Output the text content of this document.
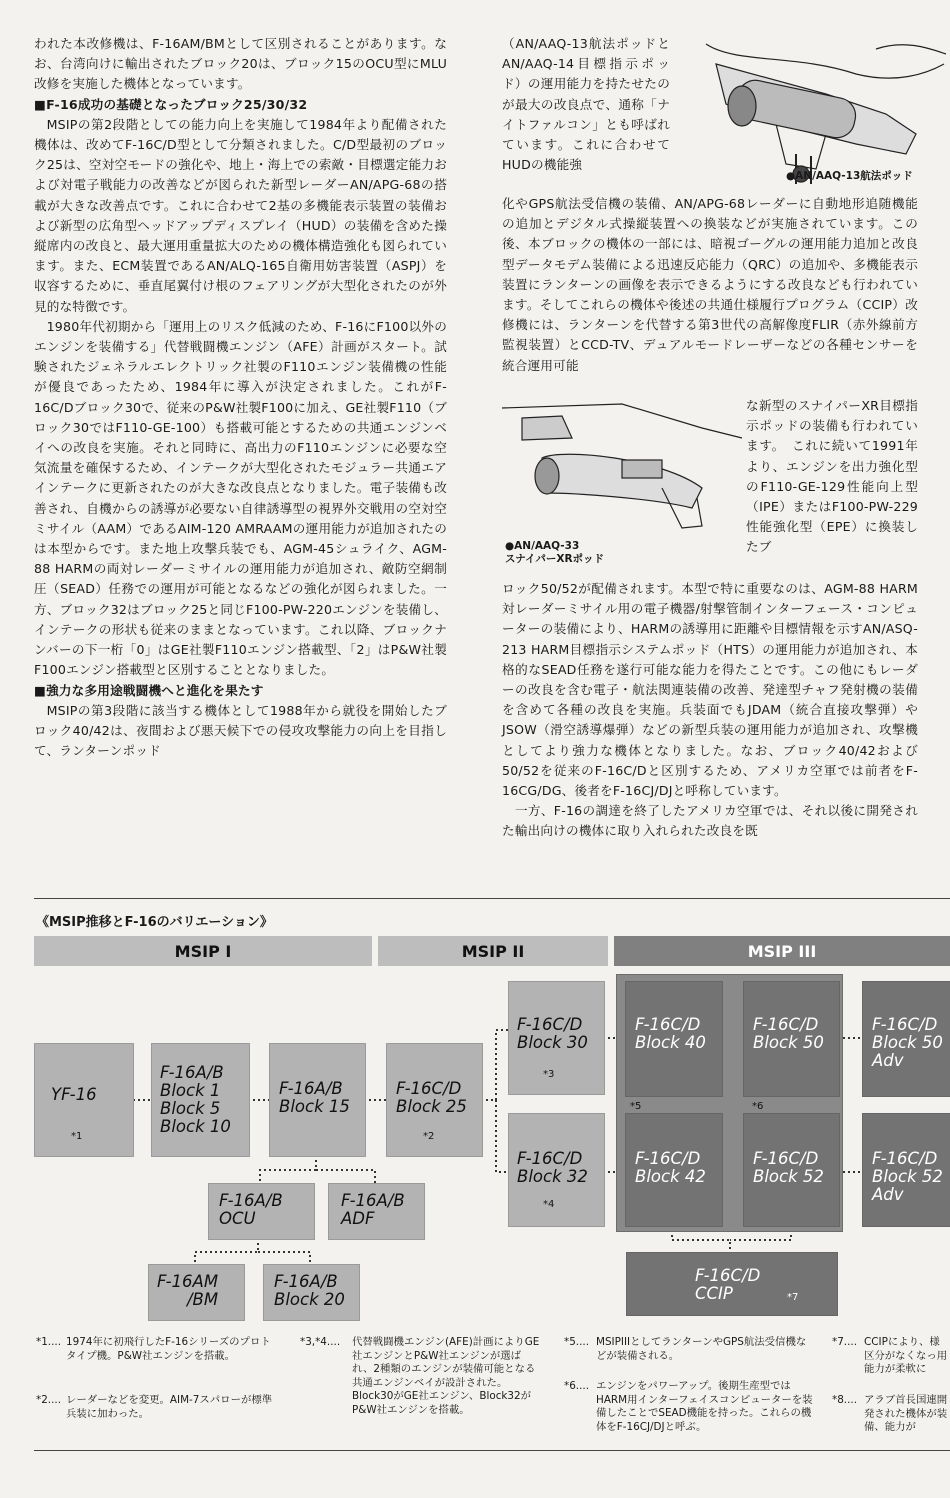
われた本改修機は、F-16AM/BMとして区別されることがあります。なお、台湾向けに輸出されたブロック20は、ブロック15のOCU型にMLU改修を実施した機体となっています。

■F-16成功の基礎となったブロック25/30/32

MSIPの第2段階としての能力向上を実施して1984年より配備された機体は、改めてF-16C/D型として分類されました。C/D型最初のブロック25は、空対空モードの強化や、地上・海上での索敵・目標選定能力および対電子戦能力の改善などが図られた新型レーダーAN/APG-68の搭載が大きな改善点です。これに合わせて2基の多機能表示装置の装備および新型の広角型ヘッドアップディスプレイ（HUD）の装備を含めた操縦席内の改良と、最大運用重量拡大のための機体構造強化も図られています。また、ECM装置であるAN/ALQ-165自衛用妨害装置（ASPJ）を収容するために、垂直尾翼付け根のフェアリングが大型化されたのが外見的な特徴です。

1980年代初期から「運用上のリスク低減のため、F-16にF100以外のエンジンを装備する」代替戦闘機エンジン（AFE）計画がスタート。試験されたジェネラルエレクトリック社製のF110エンジン装備機の性能が優良であったため、1984年に導入が決定されました。これがF-16C/Dブロック30で、従来のP&W社製F100に加え、GE社製F110（ブロック30ではF110-GE-100）も搭載可能とするための共通エンジンベイへの改良を実施。それと同時に、高出力のF110エンジンに必要な空気流量を確保するため、インテークが大型化されたモジュラー共通エアインテークに更新されたのが大きな改良点となりました。電子装備も改善され、自機からの誘導が必要ない自律誘導型の視界外交戦用の空対空ミサイル（AAM）であるAIM-120 AMRAAMの運用能力が追加されたのは本型からです。また地上攻撃兵装でも、AGM-45シュライク、AGM-88 HARMの両対レーダーミサイルの運用能力が追加され、敵防空網制圧（SEAD）任務での運用が可能となるなどの強化が図られました。一方、ブロック32はブロック25と同じF100-PW-220エンジンを装備し、インテークの形状も従来のままとなっています。これ以降、ブロックナンバーの下一桁「0」はGE社製F110エンジン搭載型、「2」はP&W社製F100エンジン搭載型と区別することとなりました。

■強力な多用途戦闘機へと進化を果たす

MSIPの第3段階に該当する機体として1988年から就役を開始したブロック40/42は、夜間および悪天候下での侵攻攻撃能力の向上を目指して、ランターンポッド

（AN/AAQ-13航法ポッドとAN/AAQ-14目標指示ポッド）の運用能力を持たせたのが最大の改良点で、通称「ナイトファルコン」とも呼ばれています。これに合わせてHUDの機能強

化やGPS航法受信機の装備、AN/APG-68レーダーに自動地形追随機能の追加とデジタル式操縦装置への換装などが実施されています。この後、本ブロックの機体の一部には、暗視ゴーグルの運用能力追加と改良型データモデム装備による迅速反応能力（QRC）の追加や、多機能表示装置にランターンの画像を表示できるようにする改良なども行われています。そしてこれらの機体や後述の共通仕様履行プログラム（CCIP）改修機には、ランターンを代替する第3世代の高解像度FLIR（赤外線前方監視装置）とCCD-TV、デュアルモードレーザーなどの各種センサーを統合運用可能

な新型のスナイパーXR目標指示ポッドの装備も行われています。　これに続いて1991年より、エンジンを出力強化型のF110-GE-129性能向上型（IPE）またはF100-PW-229性能強化型（EPE）に換装したブ

ロック50/52が配備されます。本型で特に重要なのは、AGM-88 HARM対レーダーミサイル用の電子機器/射撃管制インターフェース・コンピューターの装備により、HARMの誘導用に距離や目標情報を示すAN/ASQ-213 HARM目標指示システムポッド（HTS）の運用能力が追加され、本格的なSEAD任務を遂行可能な能力を得たことです。この他にもレーダーの改良を含む電子・航法関連装備の改善、発達型チャフ発射機の装備を含めて各種の改良を実施。兵装面でもJDAM（統合直接攻撃弾）やJSOW（滑空誘導爆弾）などの新型兵装の運用能力が追加され、攻撃機としてより強力な機体となりました。なお、ブロック40/42および50/52を従来のF-16C/Dと区別するため、アメリカ空軍では前者をF-16CG/DG、後者をF-16CJ/DJと呼称しています。

　一方、F-16の調達を終了したアメリカ空軍では、それ以後に開発された輸出向けの機体に取り入れられた改良を既

●AN/AAQ-13航法ポッド
●AN/AAQ-33
スナイパーXRポッド
《MSIP推移とF-16のバリエーション》
MSIP I	MSIP II	MSIP III
YF-16
*1
F-16A/B
Block 1
Block 5
Block 10
F-16A/B
Block 15
F-16C/D
Block 25
*2
F-16A/B
OCU
F-16A/B
ADF
F-16AM
/BM
F-16A/B
Block 20
F-16C/D
Block 30
*3
F-16C/D
Block 32
*4
F-16C/D
Block 40
*5
F-16C/D
Block 50
*6
F-16C/D
Block 42
F-16C/D
Block 52
F-16C/D
Block 50
Adv
F-16C/D
Block 52
Adv
F-16C/D
CCIP	*7
*1.... 1974年に初飛行したF-16シリーズのプロトタイプ機。P&W社エンジンを搭載。
*2.... レーダーなどを変更。AIM-7スパローが標準兵装に加わった。
*3,*4....	代替戦闘機エンジン(AFE)計画によりGE社エンジンとP&W社エンジンが選ばれ、2種類のエンジンが装備可能となる共通エンジンベイが設計された。Block30がGE社エンジン、Block32がP&W社エンジンを搭載。
*5.... MSIPIIIとしてランターンやGPS航法受信機などが装備される。
*6.... エンジンをパワーアップ。後期生産型ではHARM用インターフェイスコンピューターを装備したことでSEAD機能を持った。これらの機体をF-16CJ/DJと呼ぶ。
*7.... CCIPにより、様区分がなくなっ用能力が柔軟に
*8.... アラブ首長国連開発された機体が装備、能力が
